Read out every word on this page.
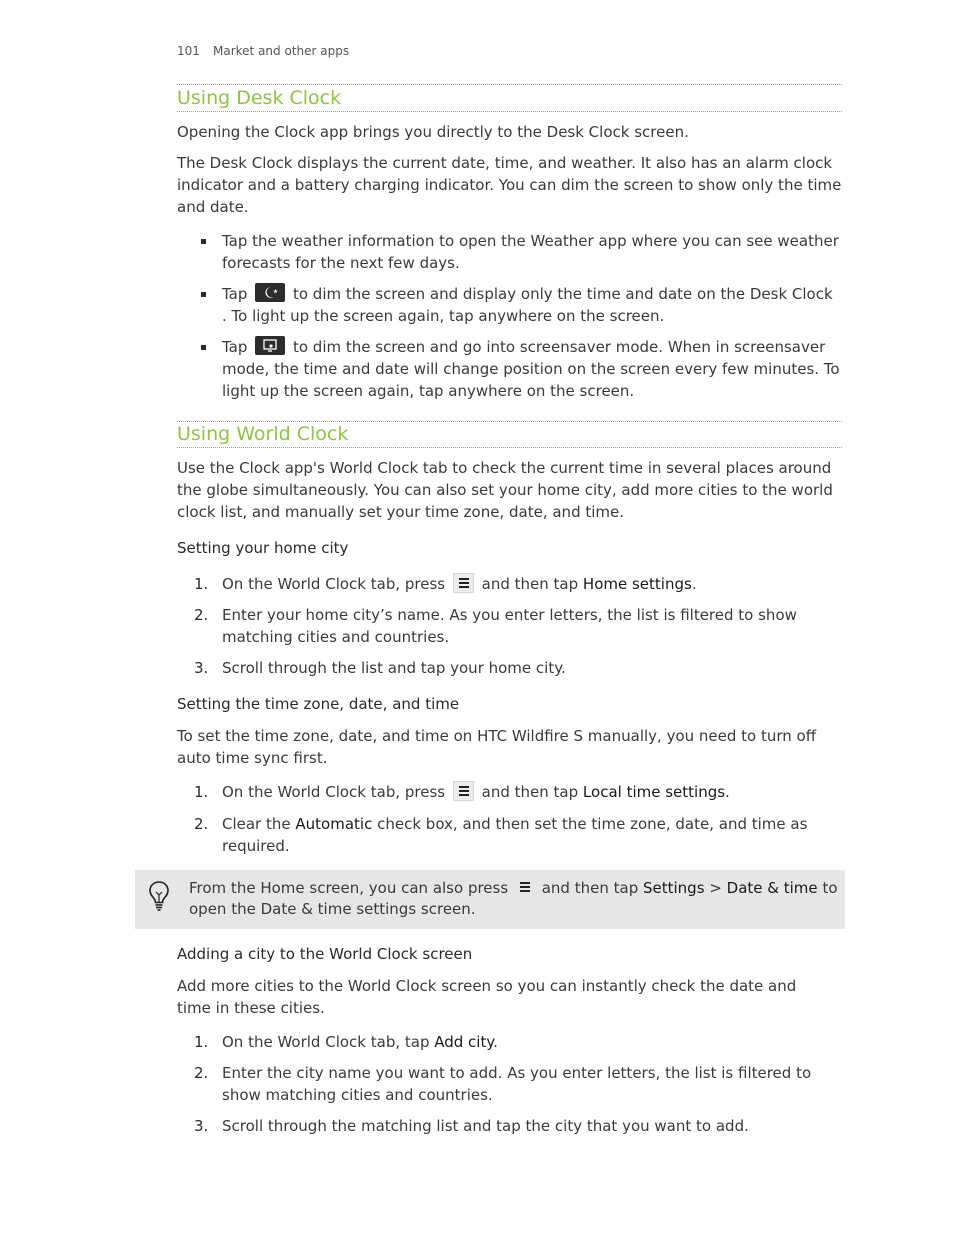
101 Market and other apps
Using Desk Clock
Opening the Clock app brings you directly to the Desk Clock screen.
The Desk Clock displays the current date, time, and weather. It also has an alarm clock indicator and a battery charging indicator. You can dim the screen to show only the time and date.
Tap the weather information to open the Weather app where you can see weather forecasts for the next few days.
Tap	to dim the screen and display only the time and date on the Desk Clock . To light up the screen again, tap anywhere on the screen.
Tap	to dim the screen and go into screensaver mode. When in screensaver mode, the time and date will change position on the screen every few minutes. To light up the screen again, tap anywhere on the screen.
Using World Clock
Use the Clock app's World Clock tab to check the current time in several places around the globe simultaneously. You can also set your home city, add more cities to the world clock list, and manually set your time zone, date, and time.
Setting your home city
1. On the World Clock tab, press and then tap Home settings.
2. Enter your home city’s name. As you enter letters, the list is filtered to show matching cities and countries.
3. Scroll through the list and tap your home city.
Setting the time zone, date, and time
To set the time zone, date, and time on HTC Wildfire S manually, you need to turn off auto time sync first.
1. On the World Clock tab, press and then tap Local time settings.
2. Clear the Automatic check box, and then set the time zone, date, and time as required.
From the Home screen, you can also press and then tap Settings > Date & time to open the Date & time settings screen.
Adding a city to the World Clock screen
Add more cities to the World Clock screen so you can instantly check the date and time in these cities.
1. On the World Clock tab, tap Add city.
2. Enter the city name you want to add. As you enter letters, the list is filtered to show matching cities and countries.
3. Scroll through the matching list and tap the city that you want to add.
